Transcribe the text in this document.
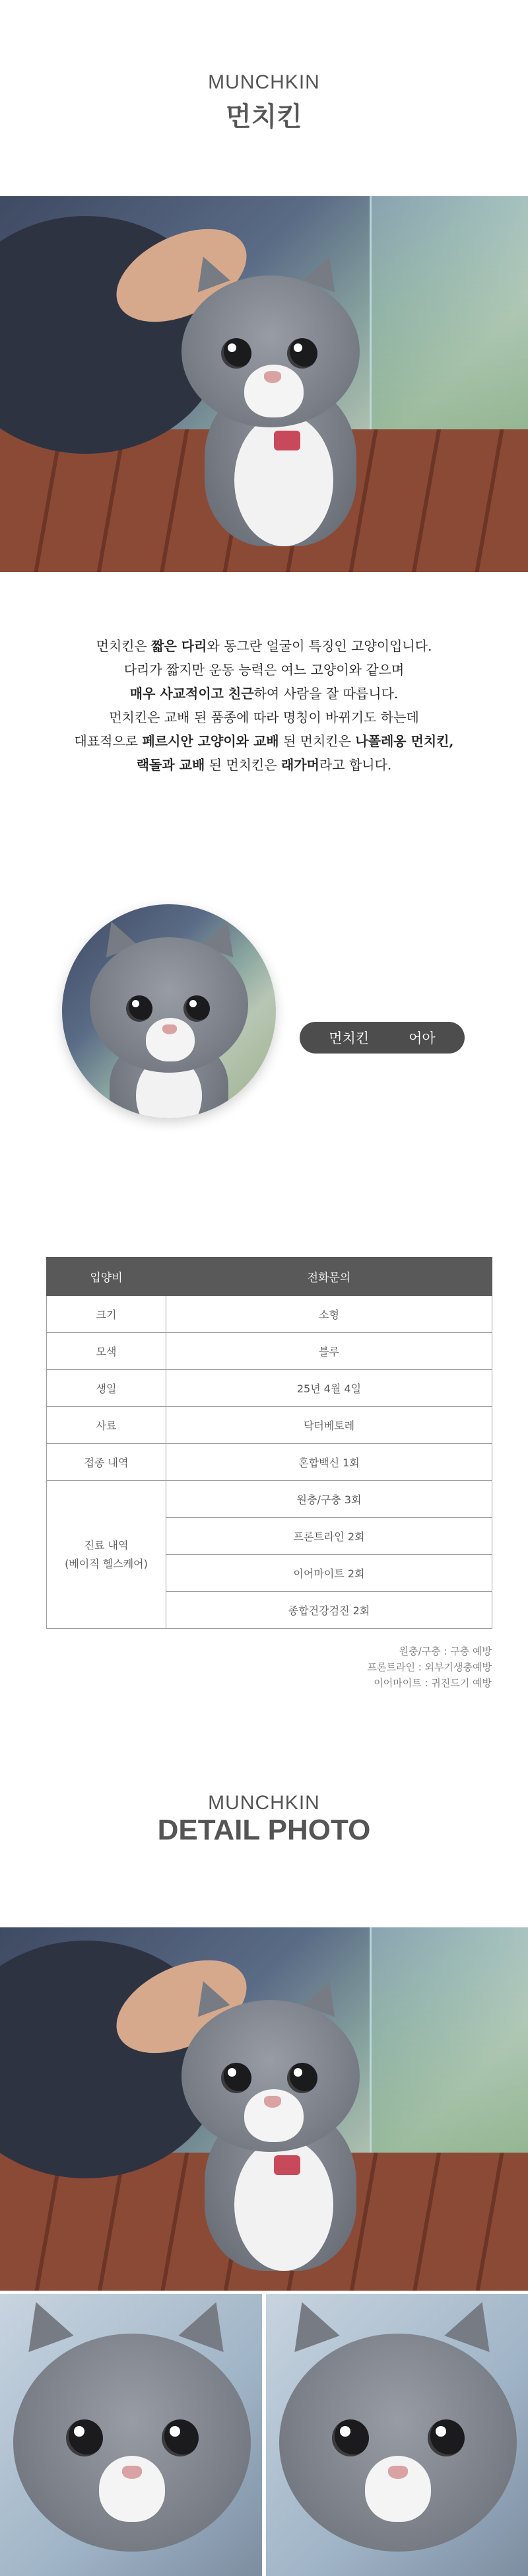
MUNCHKIN
먼치킨

먼치킨은 짧은 다리와 동그란 얼굴이 특징인 고양이입니다.

다리가 짧지만 운동 능력은 여느 고양이와 같으며

매우 사교적이고 친근하여 사람을 잘 따릅니다.

먼치킨은 교배 된 품종에 따라 명칭이 바뀌기도 하는데

대표적으로 페르시안 고양이와 교배 된 먼치킨은 나폴레옹 먼치킨,

랙돌과 교배 된 먼치킨은 래가머라고 합니다.

먼치킨	어아
입양비	전화문의
크기	소형
모색	블루
생일	25년 4월 4일
사료	닥터베토레
접종 내역	혼합백신 1회

진료 내역
(베이직 헬스케어)	원충/구충 3회
	프론트라인 2회
	이어마이트 2회
	종합건강검진 2회
원충/구충 : 구충 예방
프론트라인 : 외부기생충예방
이어마이트 : 귀진드기 예방
MUNCHKIN
DETAIL PHOTO
